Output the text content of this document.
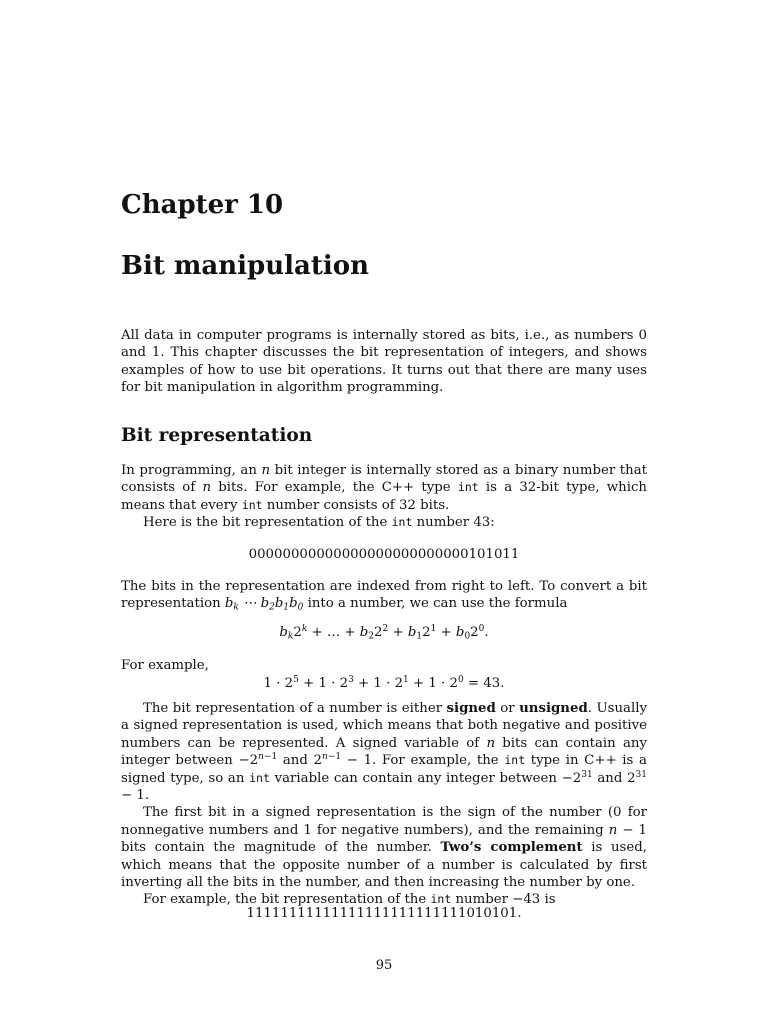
Chapter 10
Bit manipulation

All data in computer programs is internally stored as bits, i.e., as numbers 0 and 1. This chapter discusses the bit representation of integers, and shows examples of how to use bit operations. It turns out that there are many uses for bit manipulation in algorithm programming.

Bit representation
In programming, an n bit integer is internally stored as a binary number that consists of n bits. For example, the C++ type int is a 32-bit type, which means that every int number consists of 32 bits.
Here is the bit representation of the int number 43:

00000000000000000000000000101011

The bits in the representation are indexed from right to left. To convert a bit representation $b_k$ ⋯ $b_2b_1b_0$ into a number, we can use the formula

$b_k2^k$ + … + $b_22^2 + b_12^1 + b_02^0$.

For example,

$1 \cdot 2^5 + 1 \cdot 2^3 + 1 \cdot 2^1 + 1 \cdot 2^0 = 43$.

The bit representation of a number is either signed or unsigned. Usually a signed representation is used, which means that both negative and positive numbers can be represented. A signed variable of n bits can contain any integer between $-2^{n-1}$ and $2^{n-1} - 1$. For example, the int type in C++ is a signed type, so an int variable can contain any integer between $-2^{31}$ and $2^{31} - 1$.
The first bit in a signed representation is the sign of the number (0 for nonnegative numbers and 1 for negative numbers), and the remaining n − 1 bits contain the magnitude of the number. Two’s complement is used, which means that the opposite number of a number is calculated by first inverting all the bits in the number, and then increasing the number by one.
For example, the bit representation of the int number −43 is

11111111111111111111111111010101.

95
